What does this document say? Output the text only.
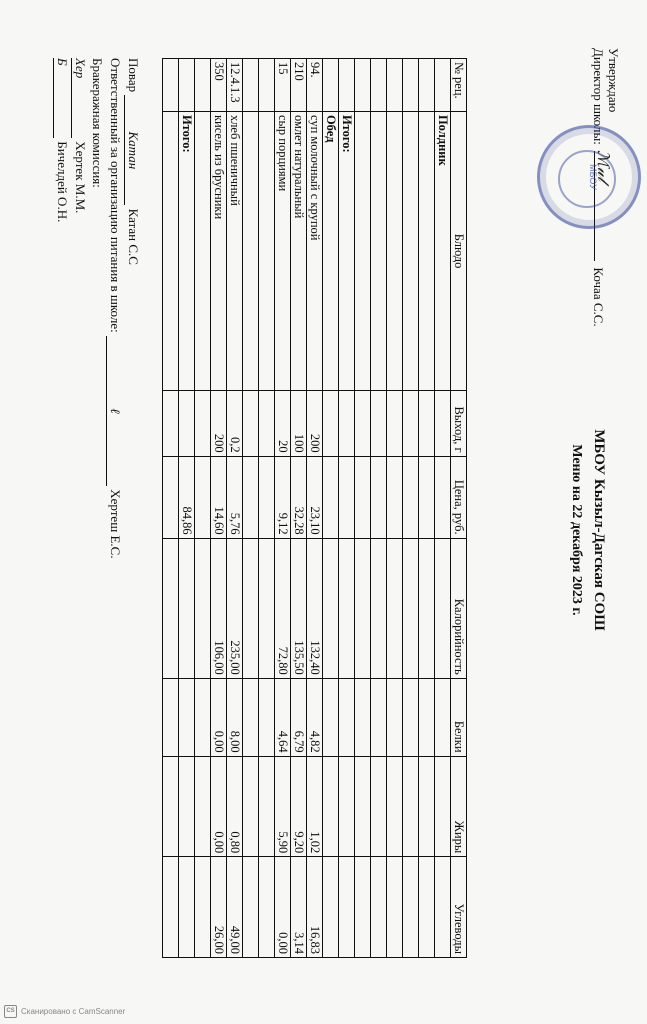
Утверждаю
Директор школы:  Кочаа С.С.
МБОУ
ℳ𝓊𝓁
МБОУ Кызыл-Дагская СОШ
Меню на 22 декабря 2023 г.
№ рец.	Блюдо	Выход, г	Цена, руб.	Калорийность	Белки	Жиры	Углеводы
	Полдник						

	Итого:						
	Обед						
94.	суп молочный с крупой	200	23,10	132,40	4,82	1,02	16,83
210	омлет натуральный	100	32,28	135,50	6,79	9,20	3,14
15	сыр порциями	20	9,12	72,80	4,64	5,90	0,00

12.4.1.3	хлеб пшеничный	0,2	5,76	235,00	8,00	0,80	49,00
350	кисель из брусники	200	14,60	106,00	0,00	0,00	26,00

	Итого:		84,86				

Повар Катан Катан С.С
Ответственный за организацию питания в школе: ℓ Хертеш Е.С.
Бракеражная комиссия:
Хер Хертек М.М.
Б Бичелдей О.Н.
CS Сканировано с CamScanner
